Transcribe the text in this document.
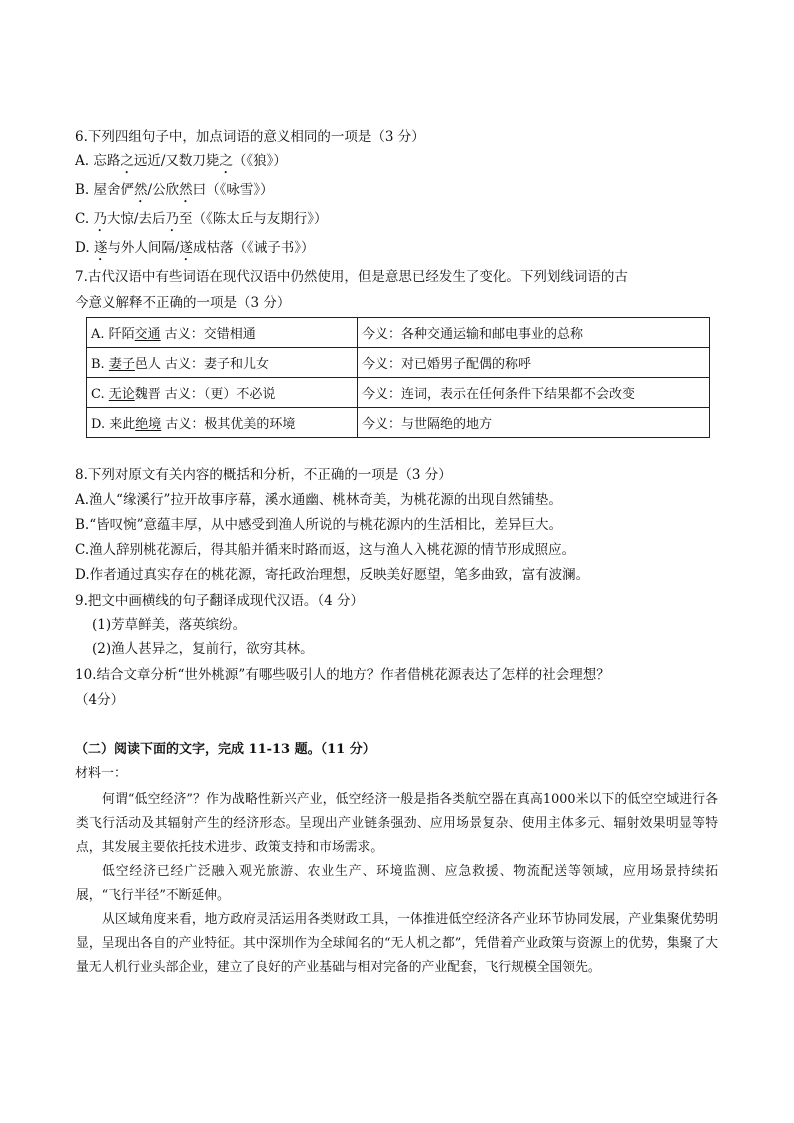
6.下列四组句子中，加点词语的意义相同的一项是（3 分）
A. 忘路之远近/又数刀毙之（《狼》）
B. 屋舍俨然/公欣然曰（《咏雪》）
C. 乃大惊/去后乃至（《陈太丘与友期行》）
D. 遂与外人间隔/遂成枯落（《诫子书》）
7.古代汉语中有些词语在现代汉语中仍然使用，但是意思已经发生了变化。下列划线词语的古
今意义解释不正确的一项是（3 分）
A. 阡陌交通 古义：交错相通	今义：各种交通运输和邮电事业的总称
B. 妻子邑人 古义：妻子和儿女	今义：对已婚男子配偶的称呼
C. 无论魏晋 古义：（更）不必说	今义：连词，表示在任何条件下结果都不会改变
D. 来此绝境 古义：极其优美的环境	今义：与世隔绝的地方
8.下列对原文有关内容的概括和分析，不正确的一项是（3 分）
A.渔人“缘溪行”拉开故事序幕，溪水通幽、桃林奇美，为桃花源的出现自然铺垫。
B.“皆叹惋”意蕴丰厚，从中感受到渔人所说的与桃花源内的生活相比，差异巨大。
C.渔人辞别桃花源后，得其船并循来时路而返，这与渔人入桃花源的情节形成照应。
D.作者通过真实存在的桃花源，寄托政治理想，反映美好愿望，笔多曲致，富有波澜。
9.把文中画横线的句子翻译成现代汉语。（4 分）
(1)芳草鲜美，落英缤纷。
(2)渔人甚异之，复前行，欲穷其林。
10.结合文章分析“世外桃源”有哪些吸引人的地方？作者借桃花源表达了怎样的社会理想？
（4分）
（二）阅读下面的文字，完成 11-13 题。（11 分）
材料一：
何谓“低空经济”？作为战略性新兴产业，低空经济一般是指各类航空器在真高1000米以下的低空空域进行各类飞行活动及其辐射产生的经济形态。呈现出产业链条强劲、应用场景复杂、使用主体多元、辐射效果明显等特点，其发展主要依托技术进步、政策支持和市场需求。
低空经济已经广泛融入观光旅游、农业生产、环境监测、应急救援、物流配送等领域，应用场景持续拓展，“飞行半径”不断延伸。
从区域角度来看，地方政府灵活运用各类财政工具，一体推进低空经济各产业环节协同发展，产业集聚优势明显，呈现出各自的产业特征。其中深圳作为全球闻名的“无人机之都”，凭借着产业政策与资源上的优势，集聚了大量无人机行业头部企业，建立了良好的产业基础与相对完备的产业配套，飞行规模全国领先。
